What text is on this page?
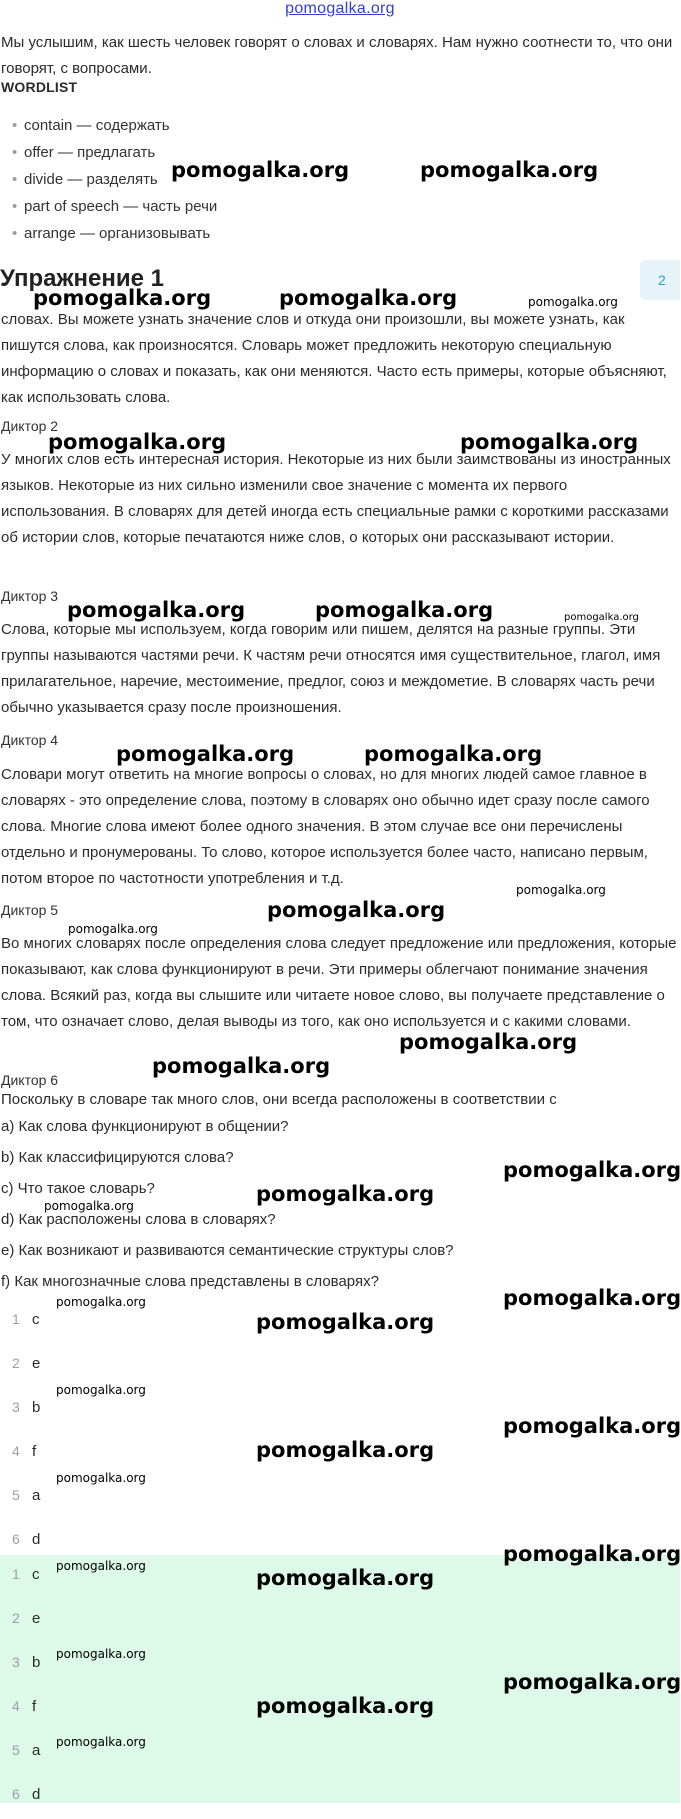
pomogalka.org
Мы услышим, как шесть человек говорят о словах и словарях. Нам нужно соотнести то, что они говорят, с вопросами.
WORDLIST
• contain — содержать
• offer — предлагать
• divide — разделять
• part of speech — часть речи
• arrange — организовывать
Упражнение 1	2

словах. Вы можете узнать значение слов и откуда они произошли, вы можете узнать, как пишутся слова, как произносятся. Словарь может предложить некоторую специальную информацию о словах и показать, как они меняются. Часто есть примеры, которые объясняют, как использовать слова.

Диктор 2

У многих слов есть интересная история. Некоторые из них были заимствованы из иностранных языков. Некоторые из них сильно изменили свое значение с момента их первого использования. В словарях для детей иногда есть специальные рамки с короткими рассказами об истории слов, которые печатаются ниже слов, о которых они рассказывают истории.

Диктор 3

Слова, которые мы используем, когда говорим или пишем, делятся на разные группы. Эти группы называются частями речи. К частям речи относятся имя существительное, глагол, имя прилагательное, наречие, местоимение, предлог, союз и междометие. В словарях часть речи обычно указывается сразу после произношения.

Диктор 4

Словари могут ответить на многие вопросы о словах, но для многих людей самое главное в словарях - это определение слова, поэтому в словарях оно обычно идет сразу после самого слова. Многие слова имеют более одного значения. В этом случае все они перечислены отдельно и пронумерованы. То слово, которое используется более часто, написано первым, потом второе по частотности употребления и т.д.

Диктор 5

Во многих словарях после определения слова следует предложение или предложения, которые показывают, как слова функционируют в речи. Эти примеры облегчают понимание значения слова. Всякий раз, когда вы слышите или читаете новое слово, вы получаете представление о том, что означает слово, делая выводы из того, как оно используется и с какими словами.

Диктор 6
Поскольку в словаре так много слов, они всегда расположены в соответствии с
a) Как слова функционируют в общении?
b) Как классифицируются слова?
c) Что такое словарь?
d) Как расположены слова в словарях?
e) Как возникают и развиваются семантические структуры слов?
f) Как многозначные слова представлены в словарях?
1 c
2 e
3 b
4 f
5 a
6 d
1 c
2 e
3 b
4 f
5 a
6 d
pomogalka.org	pomogalka.org
pomogalka.org	pomogalka.org	pomogalka.org
pomogalka.org	pomogalka.org
pomogalka.org	pomogalka.org	pomogalka.org
pomogalka.org	pomogalka.org
pomogalka.org
pomogalka.org
pomogalka.org
pomogalka.org
pomogalka.org
pomogalka.org
pomogalka.org
pomogalka.org
pomogalka.org
pomogalka.org
pomogalka.org
pomogalka.org
pomogalka.org
pomogalka.org
pomogalka.org
pomogalka.org
pomogalka.org	pomogalka.org
pomogalka.org
pomogalka.org
pomogalka.org
pomogalka.org
